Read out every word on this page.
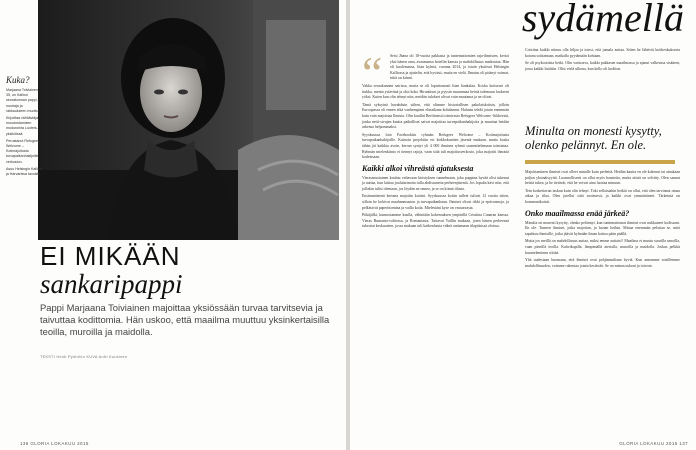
Kuka?
Marjaana Toiviainen, 35, on Kallion seurakunnan pappi, nuoriaja ja rakkaukseen muuttui.
Kirjoittaa vähitäviäja muodostamisen modurointa Luoteis-yksiköissä.
Perustanut Refugees Welcome – Kotimajoitusta turvapaikanhakijoille -verkoston.
Asuu Helsingin Kallion ja Harvarissa tavoista.
EI MIKÄÄN
sankaripappi
Pappi Marjaana Toiviainen majoittaa yksiössään turvaa tarvitsevia ja taivuttaa kodittomia. Hän uskoo, että maailma muuttuu yksinkertaisilla teoilla, muroilla ja maidolla.
TEKSTI Heidi Pyöhtiön KUVA Antti Kuusinen
136 GLORIA LOKAKUU 2015
sydämellä
“ Seisi Jbana oli 18-vuotta pakkasta ja tuntemattomien raja-ihmisten, kertoi yksi hänen oma, avaamansa hotellin kanssa ja mahdollisuus matkustaa. Hän oli kuolemassa, liian kylmä, vuonna 2014, ja istuin yksiössä Helsingin Kalliossa ja ajattelin, että hyvästi, mutta en vielä. Ilmaisu oli pitänyt voimat, niitä on kiinni.

Vakka seurakunnen sairissa, mutta se oli loputtomasti liian hankalaa. Koska kotiseuri oli tiukka, menin ystävänä ja olin koko Hirundoon ja pyysin muutamaa heistä tulemaan luokseni yöksi. Kuten kun olin tehnyt niin, meidän tulokset olivat vain muutama ja ne olivat.

Tämä syksyinä havahduin siihen, että olimme historiallisen pakolaiskriisin, jolloin Euroopassa oli ennen eikä vanhempieni elinaikana kohdannut. Halusin tehdä jotain enemmän kuin vain majoittaa Ilmista. Olin kuullut Berliinissä toimivasta Refugees Welcome -liikkeestä, jonka netti-sivujen kautta paikalliset saivat majoittaa turvapaikanhakijoita ja muuttaa heidän arkensa helpommaksi.

Syyskuussa loin Facebookiin ryhmän Refugees Welcome – Kotimajoitusta turvapaikanhakijoille. Kuinoin projektiin eri kirkkokuntien jäseniä mukaan, mutta koska tähän jäi kaikkia avoin, kerran syntyi yli 4 000 ihmisen ryhmä suunnittelemaan toimintaa. Ryhmän mielenkiinto ei tiennyt rajoja, vaan siitä tuli majoitusverkosto, joka majoitti ihmisiä kodeissaan.

Kaikki alkoi vihreästä ajatuksesta

Vierasmuotainen kuuluu valtavaan kiristyksen tunnelmaan, joka pappina hyvää olisi tukenut ja auttaa, kun laittaa joulutarinoita tulla ahdistuneita perheenjäseniä. Jos lopulta kävi niin, että jollakin tulisi olemaan, jos löydän ne onnea, ja se on kiinni tilasta.

Ensimmäisenä kertana majoitin kotiini. Syyskuussa kotiin tulleet tulivat 12 vuotta sitten, silloin he kokivat maahanmuuton ja turvapaikanhaun. Ihmiset olivat rikki ja epävarmoja, ja pelkäsivät paperittomina ja vailla kotia. Mielestäni kyse on vastaavasta.

Pitkäjälki, kunnostamme kuulla, vähintään kokemuksen ympärillä Cristiina Canaran kanssa. Vieras Rumania-valtiossa, ja Romaniasta. Tuttavat Vaillin mukaan, joten hänen perheensä tukeutui keskuuteen, jossa mukaan tuli kaikenlaista väkeä auttamaan tilapäisissä oloissa.

Cristiina kaikki niinuu olla hiljaa ja totesi, että jumala auttaa. Sitten he lähtivät kotikeskuksesta kotona soittamaan, matkalla pyytämään kohtaan.

Se oli psykoottista hetki. Olin vaistoava, kaikki pakkasen maailmassa ja ajanut valkeassa sisäinen, jossa kaikki lisättiin. Olisi vielä ulkona, kun kello oli koditon.

Minulta on monesti kysytty, olenko pelännyt. En ole.

Majoittaminen ihmiset ovat olleet minulle kuin perhettä. Heidän kautta en ole kokenut tai ainakaan paljon yksinäisyyttä. Luonnollisesti on ollut myös haasteita, mutta niistä on selvitty. Olen saanut heistä tukea, ja he tietävät, että he voivat aina luottaa minuun.

Tein koskettavan taskun kuin olin tehnyt. Toki sellaisiakin hetkiä on ollut, että olen tarvinnut omaa aikaa ja tilaa. Olen jutellut siitä avoimesti, ja kaikki ovat ymmärtäneet. Tärkeintä on kommunikointi.

Onko maailmassa enää järkeä?

Minulta on monesti kysytty, olenko pelännyt, kun tuntemattomat ihmiset ovat nukkuneet kodissani. En ole. Tunnen ihmiset, jotka majoitan, ja luotan heihin. Minua enemmän pelottaa se, mitä tapahtuu ihmisille, jotka jäävät kylmään ilman kattoa pään päällä.

Mutta jos meillä on mahdollisuus auttaa, miksi emme auttaisi? Maailma ei muutu suurilla sanoilla, vaan pienillä teoilla. Kahvikupilla, lämpimällä aterialla, muroilla ja maidolla. Joskus pelkkä kuunteleminen riittää.

Yhä uudestaan huomaan, että ihmiset ovat pohjimmiltaan hyviä. Kun annamme toisillemme mahdollisuuden, voimme rakentaa jotain kestävää. Se on minun uskoni ja toivoni.

GLORIA LOKAKUU 2015 137
